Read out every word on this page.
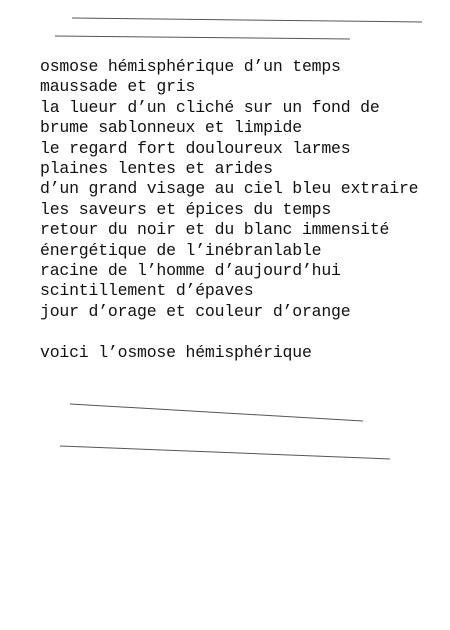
osmose hémisphérique d’un temps
maussade et gris
la lueur d’un cliché sur un fond de
brume sablonneux et limpide
le regard fort douloureux larmes
plaines lentes et arides
d’un grand visage au ciel bleu extraire
les saveurs et épices du temps
retour du noir et du blanc immensité
énergétique de l’inébranlable
racine de l’homme d’aujourd’hui
scintillement d’épaves
jour d’orage et couleur d’orange
voici l’osmose hémisphérique
